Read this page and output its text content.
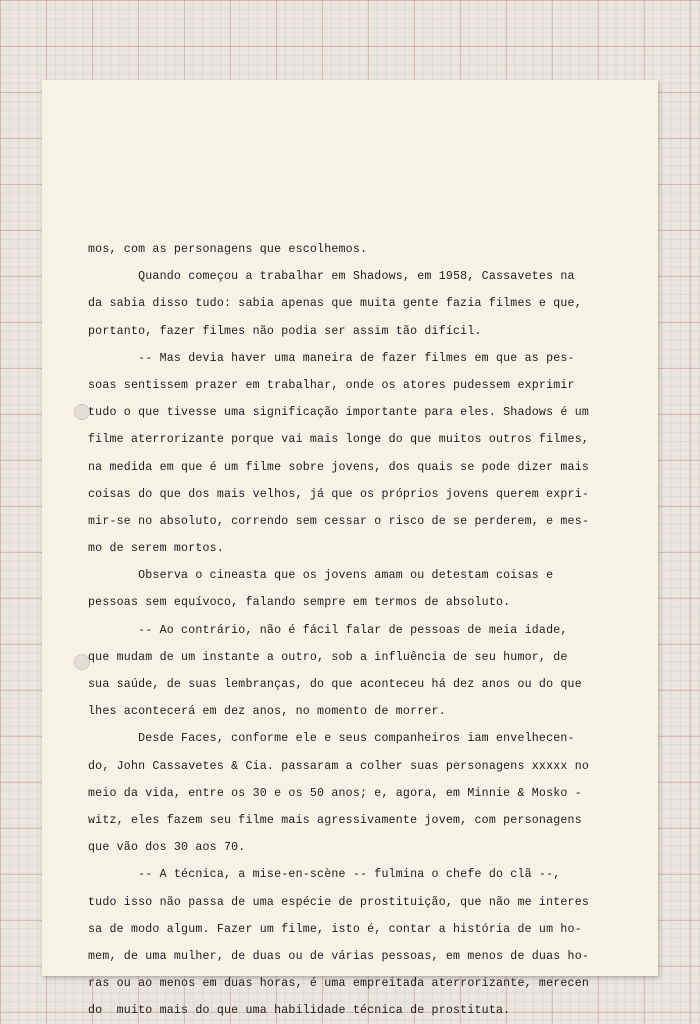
mos, com as personagens que escolhemos.
Quando começou a trabalhar em Shadows, em 1958, Cassavetes na
da sabia disso tudo: sabia apenas que muita gente fazia filmes e que,
portanto, fazer filmes não podia ser assim tão difícil.
-- Mas devia haver uma maneira de fazer filmes em que as pes-
soas sentissem prazer em trabalhar, onde os atores pudessem exprimir
tudo o que tivesse uma significação importante para eles. Shadows é um
filme aterrorizante porque vai mais longe do que muitos outros filmes,
na medida em que é um filme sobre jovens, dos quais se pode dizer mais
coisas do que dos mais velhos, já que os próprios jovens querem expri-
mir-se no absoluto, correndo sem cessar o risco de se perderem, e mes-
mo de serem mortos.
Observa o cineasta que os jovens amam ou detestam coisas e
pessoas sem equívoco, falando sempre em termos de absoluto.
-- Ao contrário, não é fácil falar de pessoas de meia idade,
que mudam de um instante a outro, sob a influência de seu humor, de
sua saúde, de suas lembranças, do que aconteceu há dez anos ou do que
lhes acontecerá em dez anos, no momento de morrer.
Desde Faces, conforme ele e seus companheiros iam envelhecen-
do, John Cassavetes & Cia. passaram a colher suas personagens xxxxx no
meio da vida, entre os 30 e os 50 anos; e, agora, em Minnie & Mosko -
witz, eles fazem seu filme mais agressivamente jovem, com personagens
que vão dos 30 aos 70.
-- A técnica, a mise-en-scène -- fulmina o chefe do clã --,
tudo isso não passa de uma espécie de prostituição, que não me interes
sa de modo algum. Fazer um filme, isto é, contar a história de um ho-
mem, de uma mulher, de duas ou de várias pessoas, em menos de duas ho-
ras ou ao menos em duas horas, é uma empreitada aterrorizante, merecen
do  muito mais do que uma habilidade técnica de prostituta.
